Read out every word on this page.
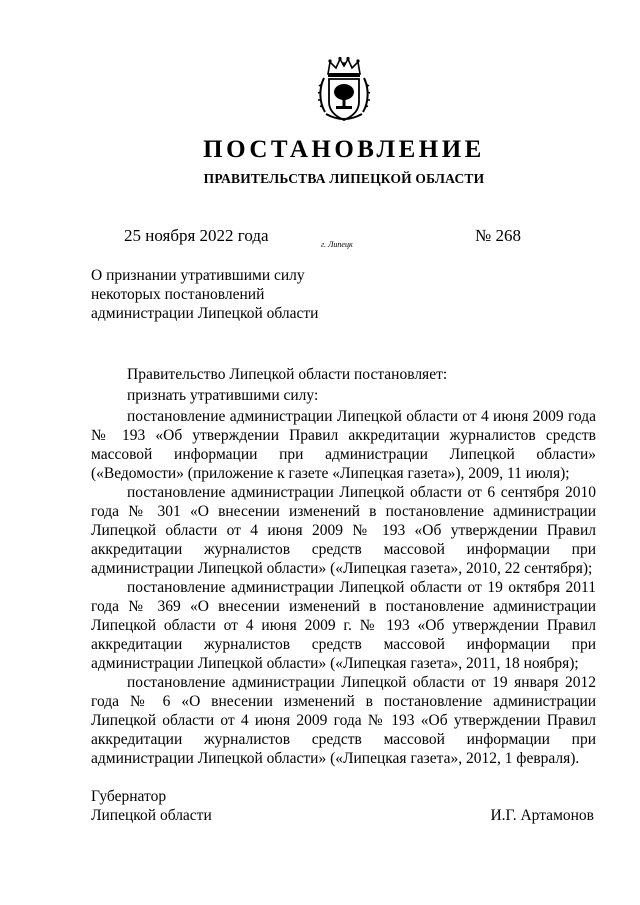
ПОСТАНОВЛЕНИЕ
ПРАВИТЕЛЬСТВА ЛИПЕЦКОЙ ОБЛАСТИ
25 ноября 2022 года	г. Липецк	№ 268
О признании утратившими силу
некоторых постановлений
администрации Липецкой области

Правительство Липецкой области постановляет:

признать утратившими силу:

постановление администрации Липецкой области от 4 июня 2009 года № 193 «Об утверждении Правил аккредитации журналистов средств массовой информации при администрации Липецкой области» («Ведомости» (приложение к газете «Липецкая газета»), 2009, 11 июля);

постановление администрации Липецкой области от 6 сентября 2010 года № 301 «О внесении изменений в постановление администрации Липецкой области от 4 июня 2009 № 193 «Об утверждении Правил аккредитации журналистов средств массовой информации при администрации Липецкой области» («Липецкая газета», 2010, 22 сентября);

постановление администрации Липецкой области от 19 октября 2011 года № 369 «О внесении изменений в постановление администрации Липецкой области от 4 июня 2009 г. № 193 «Об утверждении Правил аккредитации журналистов средств массовой информации при администрации Липецкой области» («Липецкая газета», 2011, 18 ноября);

постановление администрации Липецкой области от 19 января 2012 года № 6 «О внесении изменений в постановление администрации Липецкой области от 4 июня 2009 года № 193 «Об утверждении Правил аккредитации журналистов средств массовой информации при администрации Липецкой области» («Липецкая газета», 2012, 1 февраля).

Губернатор
Липецкой области	И.Г. Артамонов
